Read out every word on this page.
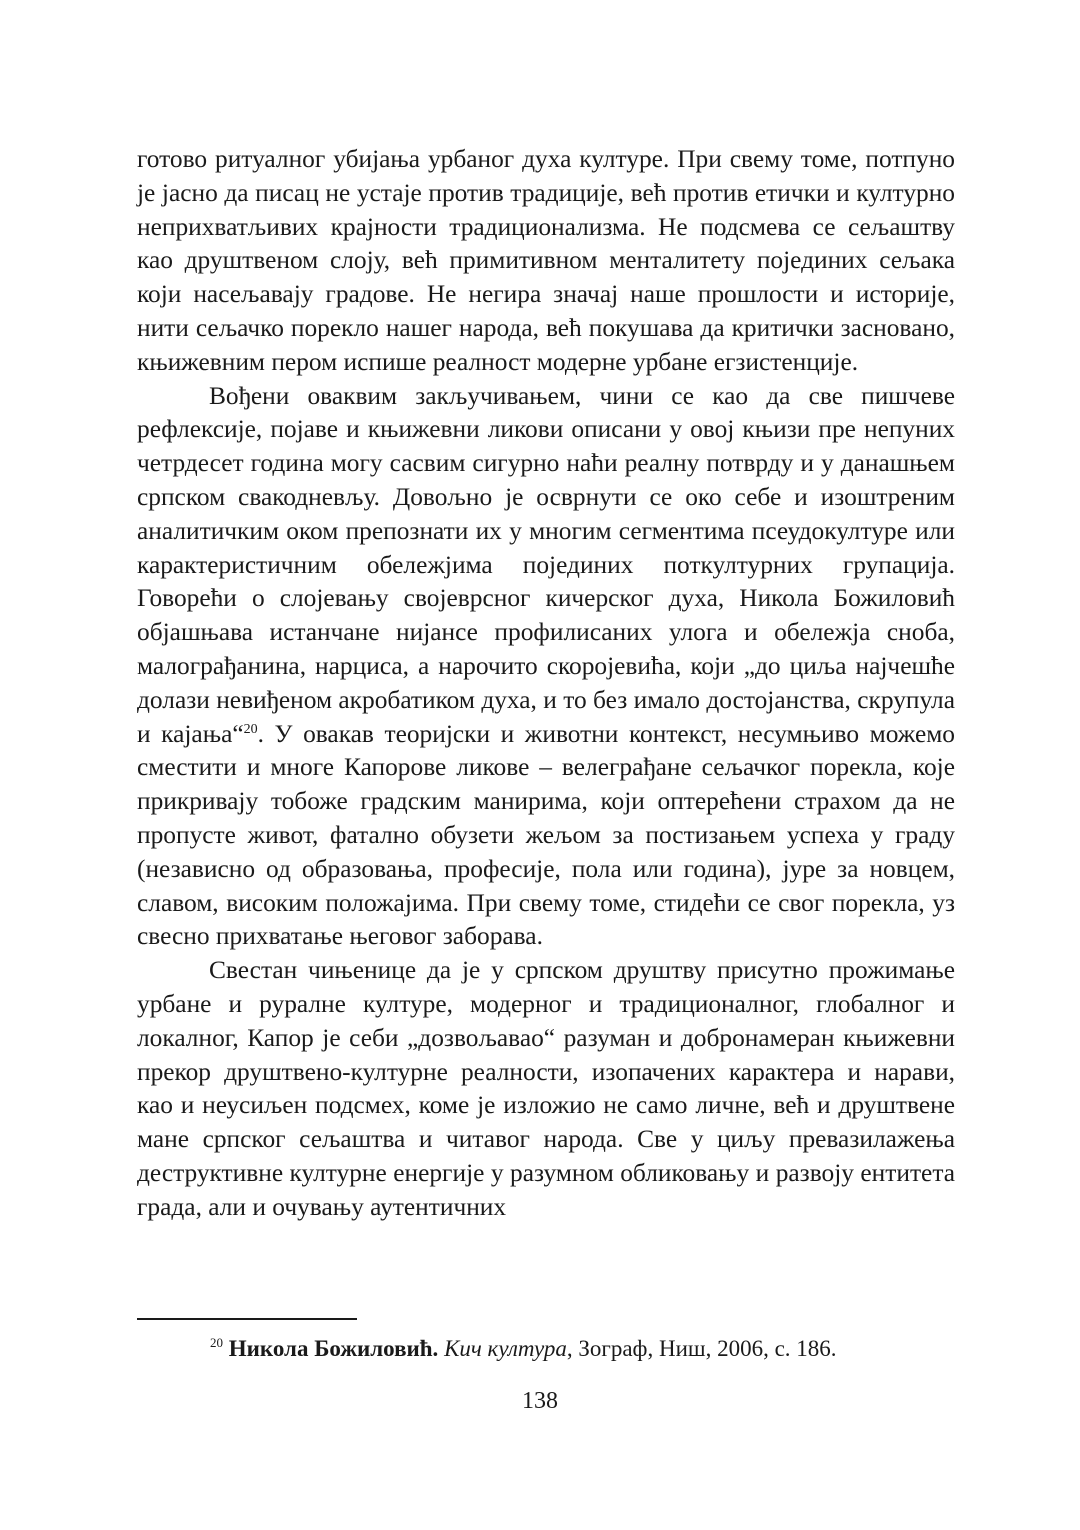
готово ритуалног убијања урбаног духа културе. При свему томе, потпуно је јасно да писац не устаје против традиције, већ против етички и културно неприхватљивих крајности традиционализма. Не подсмева се сељаштву као друштвеном слоју, већ примитивном менталитету појединих сељака који насељавају градове. Не негира значај наше прошлости и историје, нити сељачко порекло нашег народа, већ покушава да критички засновано, књижевним пером испише реалност модерне урбане егзистенције.

Вођени оваквим закључивањем, чини се као да све пишчеве рефлексије, појаве и књижевни ликови описани у овој књизи пре непуних четрдесет година могу сасвим сигурно наћи реалну потврду и у данашњем српском свакодневљу. Довољно је осврнути се око себе и изоштреним аналитичким оком препознати их у многим сегментима псеудокултуре или карактеристичним обележјима појединих поткултурних групација. Говорећи о слојевању својеврсног кичерског духа, Никола Божиловић објашњава истанчане нијансе профилисаних улога и обележја сноба, малограђанина, нарциса, а нарочито скоројевића, који „до циља најчешће долази невиђеном акробатиком духа, и то без имало достојанства, скрупула и кајања“$^{20}$. У овакав теоријски и животни контекст, несумњиво можемо сместити и многе Капорове ликове – велеграђане сељачког порекла, које прикривају тобоже градским манирима, који оптерећени страхом да не пропусте живот, фатално обузети жељом за постизањем успеха у граду (независно од образовања, професије, пола или година), јуре за новцем, славом, високим положајима. При свему томе, стидећи се свог порекла, уз свесно прихватање његовог заборава.

Свестан чињенице да је у српском друштву присутно прожимање урбане и руралне културе, модерног и традиционалног, глобалног и локалног, Капор је себи „дозвољавао“ разуман и добронамеран књижевни прекор друштвено-културне реалности, изопачених карактера и нарави, као и неусиљен подсмех, коме је изложио не само личне, већ и друштвене мане српског сељаштва и читавог народа. Све у циљу превазилажења деструктивне културне енергије у разумном обликовању и развоју ентитета града, али и очувању аутентичних

$^{20}$ Никола Божиловић. Кич култура, Зограф, Ниш, 2006, с. 186.
138
